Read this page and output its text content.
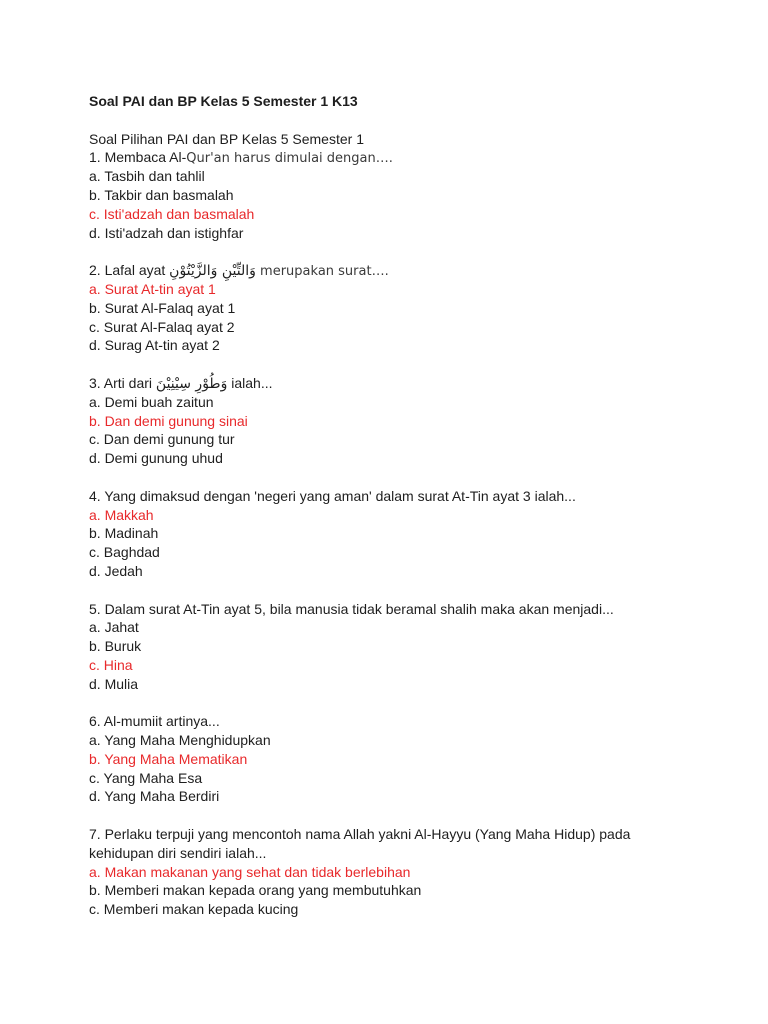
Soal PAI dan BP Kelas 5 Semester 1 K13
Soal Pilihan PAI dan BP Kelas 5 Semester 1
1. Membaca Al-Qur'an harus dimulai dengan….
a. Tasbih dan tahlil
b. Takbir dan basmalah
c. Isti'adzah dan basmalah
d. Isti'adzah dan istighfar
2. Lafal ayat وَالتِّيْنِ وَالزَّيْتُوْنِ merupakan surat….
a. Surat At-tin ayat 1
b. Surat Al-Falaq ayat 1
c. Surat Al-Falaq ayat 2
d. Surag At-tin ayat 2
3. Arti dari وَطُوْرِ سِيْنِيْنَ ialah...
a. Demi buah zaitun
b. Dan demi gunung sinai
c. Dan demi gunung tur
d. Demi gunung uhud
4. Yang dimaksud dengan 'negeri yang aman' dalam surat At-Tin ayat 3 ialah...
a. Makkah
b. Madinah
c. Baghdad
d. Jedah
5. Dalam surat At-Tin ayat 5, bila manusia tidak beramal shalih maka akan menjadi...
a. Jahat
b. Buruk
c. Hina
d. Mulia
6. Al-mumiit artinya...
a. Yang Maha Menghidupkan
b. Yang Maha Mematikan
c. Yang Maha Esa
d. Yang Maha Berdiri
7. Perlaku terpuji yang mencontoh nama Allah yakni Al-Hayyu (Yang Maha Hidup) pada
kehidupan diri sendiri ialah...
a. Makan makanan yang sehat dan tidak berlebihan
b. Memberi makan kepada orang yang membutuhkan
c. Memberi makan kepada kucing
